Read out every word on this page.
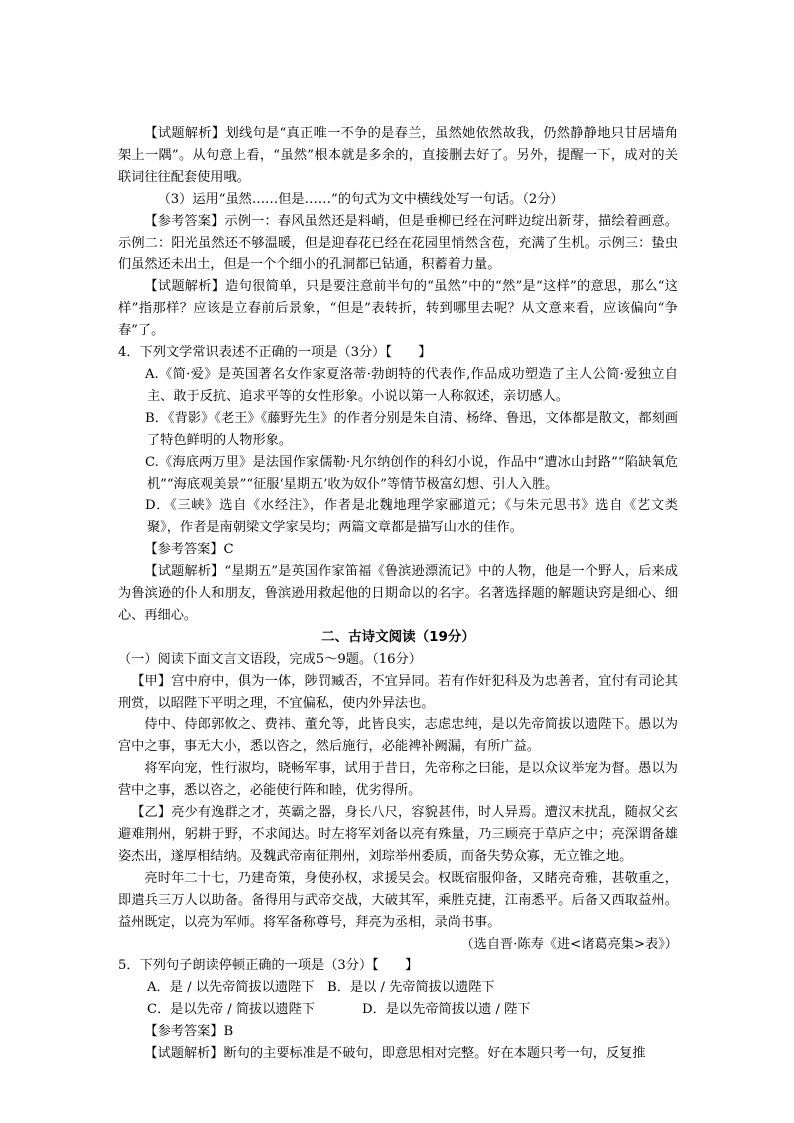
【试题解析】划线句是“真正唯一不争的是春兰，虽然她依然故我，仍然静静地只甘居墙角架上一隅”。从句意上看，“虽然”根本就是多余的，直接删去好了。另外，提醒一下，成对的关联词往往配套使用哦。

（3）运用“虽然……但是……”的句式为文中横线处写一句话。（2分）

【参考答案】示例一：春风虽然还是料峭，但是垂柳已经在河畔边绽出新芽，描绘着画意。示例二：阳光虽然还不够温暖，但是迎春花已经在花园里悄然含苞，充满了生机。示例三：蛰虫们虽然还未出土，但是一个个细小的孔洞都已钻通，积蓄着力量。

【试题解析】造句很简单，只是要注意前半句的“虽然”中的“然”是“这样”的意思，那么“这样”指那样？应该是立春前后景象，“但是”表转折，转到哪里去呢？从文意来看，应该偏向“争春”了。

4．下列文学常识表述不正确的一项是（3分）【　　】

A.《简·爱》是英国著名女作家夏洛蒂·勃朗特的代表作,作品成功塑造了主人公简·爱独立自主、敢于反抗、追求平等的女性形象。小说以第一人称叙述，亲切感人。

B．《背影》《老王》《藤野先生》的作者分别是朱自清、杨绛、鲁迅，文体都是散文，都刻画了特色鲜明的人物形象。

C.《海底两万里》是法国作家儒勒·凡尔纳创作的科幻小说，作品中“遭冰山封路”“陷缺氧危机”“海底观美景”“征服‘星期五’收为奴仆”等情节极富幻想、引人入胜。

D．《三峡》选自《水经注》，作者是北魏地理学家郦道元；《与朱元思书》选自《艺文类聚》，作者是南朝梁文学家吴均；两篇文章都是描写山水的佳作。

【参考答案】C

【试题解析】“星期五”是英国作家笛福《鲁滨逊漂流记》中的人物，他是一个野人，后来成为鲁滨逊的仆人和朋友，鲁滨逊用救起他的日期命以的名字。名著选择题的解题诀窍是细心、细心、再细心。

二、古诗文阅读（19分）

（一）阅读下面文言文语段，完成5～9题。（16分）

【甲】宫中府中，俱为一体，陟罚臧否，不宜异同。若有作奸犯科及为忠善者，宜付有司论其刑赏，以昭陛下平明之理，不宜偏私，使内外异法也。

侍中、侍郎郭攸之、费祎、董允等，此皆良实，志虑忠纯，是以先帝简拔以遗陛下。愚以为宫中之事，事无大小，悉以咨之，然后施行，必能裨补阙漏，有所广益。

将军向宠，性行淑均，晓畅军事，试用于昔日，先帝称之曰能，是以众议举宠为督。愚以为营中之事，悉以咨之，必能使行阵和睦，优劣得所。

【乙】亮少有逸群之才，英霸之器，身长八尺，容貌甚伟，时人异焉。遭汉末扰乱，随叔父玄避难荆州，躬耕于野，不求闻达。时左将军刘备以亮有殊量，乃三顾亮于草庐之中；亮深谓备雄姿杰出，遂厚相结纳。及魏武帝南征荆州，刘琮举州委质，而备失势众寡，无立锥之地。

亮时年二十七，乃建奇策，身使孙权，求援吴会。权既宿服仰备，又睹亮奇雅，甚敬重之，即遣兵三万人以助备。备得用与武帝交战，大破其军，乘胜克捷，江南悉平。后备又西取益州。益州既定，以亮为军师。将军备称尊号，拜亮为丞相，录尚书事。

（选自晋·陈寿《进<诸葛亮集>表》）

5．下列句子朗读停顿正确的一项是（3分）【　　】

A．是 / 以先帝简拔以遗陛下 B．是以 / 先帝简拔以遗陛下
C．是以先帝 / 简拔以遗陛下	D．是以先帝简拔以遗 / 陛下

【参考答案】B

【试题解析】断句的主要标准是不破句，即意思相对完整。好在本题只考一句，反复推
